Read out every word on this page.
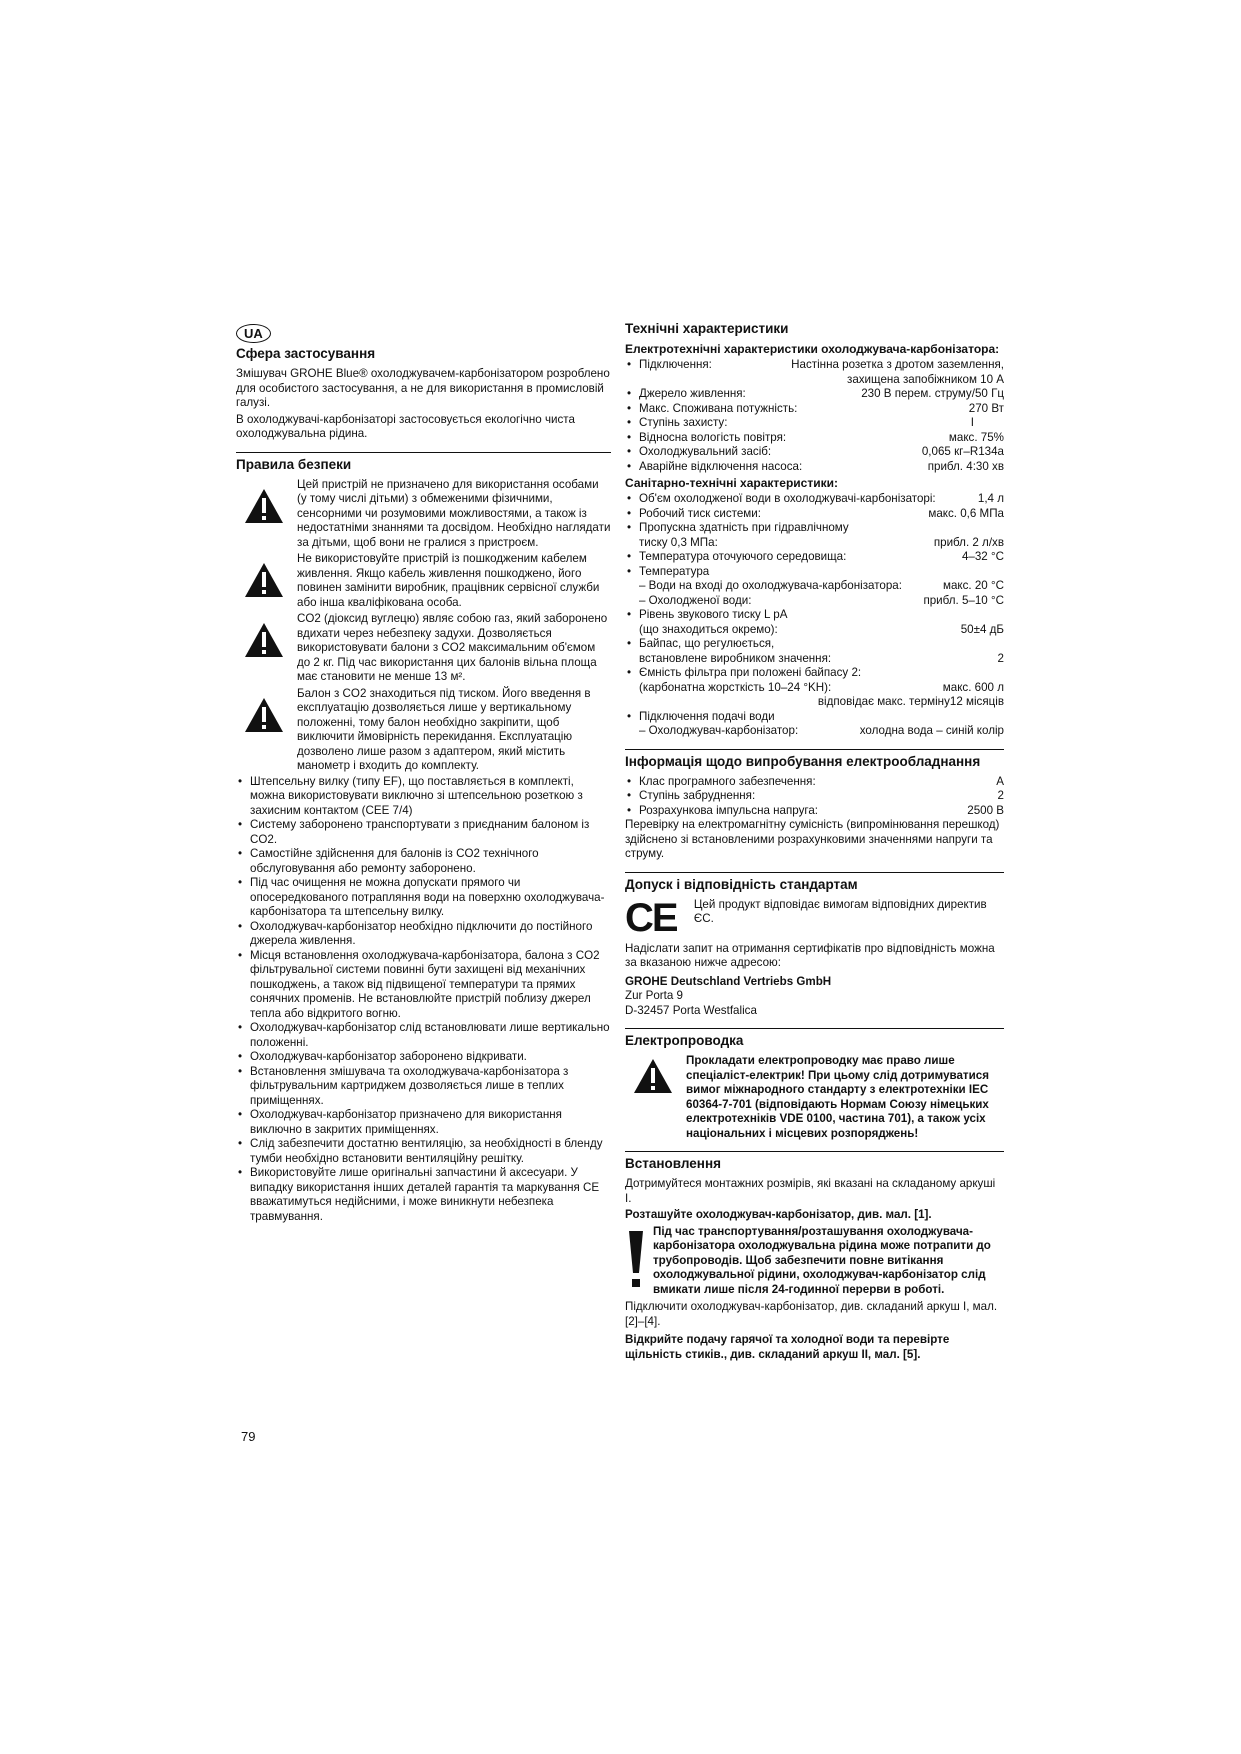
UA
Сфера застосування

Змішувач GROHE Blue® охолоджувачем-карбонізатором розроблено для особистого застосування, а не для використання в промисловій галузі.

В охолоджувачі-карбонізаторі застосовується екологічно чиста охолоджувальна рідина.

Правила безпеки
Цей пристрій не призначено для використання особами (у тому числі дітьми) з обмеженими фізичними, сенсорними чи розумовими можливостями, а також із недостатніми знаннями та досвідом. Необхідно наглядати за дітьми, щоб вони не гралися з пристроєм.
Не використовуйте пристрій із пошкодженим кабелем живлення. Якщо кабель живлення пошкоджено, його повинен замінити виробник, працівник сервісної служби або інша кваліфікована особа.
CO2 (діоксид вуглецю) являє собою газ, який заборонено вдихати через небезпеку задухи. Дозволяється використовувати балони з CO2 максимальним об'ємом до 2 кг. Під час використання цих балонів вільна площа має становити не менше 13 м².
Балон з CO2 знаходиться під тиском. Його введення в експлуатацію дозволяється лише у вертикальному положенні, тому балон необхідно закріпити, щоб виключити ймовірність перекидання. Експлуатацію дозволено лише разом з адаптером, який містить манометр і входить до комплекту.
• Штепсельну вилку (типу EF), що поставляється в комплекті, можна використовувати виключно зі штепсельною розеткою з захисним контактом (CEE 7/4)
• Систему заборонено транспортувати з приєднаним балоном із CO2.
• Самостійне здійснення для балонів із CO2 технічного обслуговування або ремонту заборонено.
• Під час очищення не можна допускати прямого чи опосередкованого потрапляння води на поверхню охолоджувача-карбонізатора та штепсельну вилку.
• Охолоджувач-карбонізатор необхідно підключити до постійного джерела живлення.
• Місця встановлення охолоджувача-карбонізатора, балона з CO2 фільтрувальної системи повинні бути захищені від механічних пошкоджень, а також від підвищеної температури та прямих сонячних променів. Не встановлюйте пристрій поблизу джерел тепла або відкритого вогню.
• Охолоджувач-карбонізатор слід встановлювати лише вертикально положенні.
• Охолоджувач-карбонізатор заборонено відкривати.
• Встановлення змішувача та охолоджувача-карбонізатора з фільтрувальним картриджем дозволяється лише в теплих приміщеннях.
• Охолоджувач-карбонізатор призначено для використання виключно в закритих приміщеннях.
• Слід забезпечити достатню вентиляцію, за необхідності в бленду тумби необхідно встановити вентиляційну решітку.
• Використовуйте лише оригінальні запчастини й аксесуари. У випадку використання інших деталей гарантія та маркування CE вважатимуться недійсними, і може виникнути небезпека травмування.
Технічні характеристики
Електротехнічні характеристики охолоджувача-карбонізатора:
• Підключення:	Настінна розетка з дротом заземлення,
захищена запобіжником 10 A
• Джерело живлення:	230 В перем. струму/50 Гц
• Макс. Споживана потужність:	270 Вт
• Ступінь захисту:	I
• Відносна вологість повітря:	макс. 75%
• Охолоджувальний засіб:	0,065 кг–R134a
• Аварійне відключення насоса:	прибл. 4:30 хв
Санітарно-технічні характеристики:
• Об'єм охолодженої води в охолоджувачі-карбонізаторі:	1,4 л
• Робочий тиск системи:	макс. 0,6 МПа
• Пропускна здатність при гідравлічному
тиску 0,3 МПа:	прибл. 2 л/хв
• Температура оточуючого середовища:	4–32 °C
• Температура
– Води на вході до охолоджувача-карбонізатора:	макс. 20 °C
– Охолодженої води:	прибл. 5–10 °C
• Рівень звукового тиску L pA
(що знаходиться окремо):	50±4 дБ
• Байпас, що регулюється,
встановлене виробником значення:	2
• Ємність фільтра при положені байпасу 2:
(карбонатна жорсткість 10–24 °KH):	макс. 600 л
відповідає макс. терміну12 місяців
• Підключення подачі води
– Охолоджувач-карбонізатор:	холодна вода – синій колір
Інформація щодо випробування електрообладнання
• Клас програмного забезпечення:	A
• Ступінь забруднення:	2
• Розрахункова імпульсна напруга:	2500 В

Перевірку на електромагнітну сумісність (випромінювання перешкод) здійснено зі встановленими розрахунковими значеннями напруги та струму.

Допуск і відповідність стандартам
CE	Цей продукт відповідає вимогам відповідних директив ЄС.

Надіслати запит на отримання сертифікатів про відповідність можна за вказаною нижче адресою:

GROHE Deutschland Vertriebs GmbH

Zur Porta 9

D-32457 Porta Westfalica

Електропроводка
Прокладати електропроводку має право лише спеціаліст-електрик! При цьому слід дотримуватися вимог міжнародного стандарту з електротехніки IEC 60364-7-701 (відповідають Нормам Союзу німецьких електротехніків VDE 0100, частина 701), а також усіх національних і місцевих розпоряджень!
Встановлення

Дотримуйтеся монтажних розмірів, які вказані на складаному аркуші I.

Розташуйте охолоджувач-карбонізатор, див. мал. [1].

Під час транспортування/розташування охолоджувача-карбонізатора охолоджувальна рідина може потрапити до трубопроводів. Щоб забезпечити повне витікання охолоджувальної рідини, охолоджувач-карбонізатор слід вмикати лише після 24-годинної перерви в роботі.

Підключити охолоджувач-карбонізатор, див. складаний аркуш I, мал. [2]–[4].

Відкрийте подачу гарячої та холодної води та перевірте щільність стиків., див. складаний аркуш II, мал. [5].

79
